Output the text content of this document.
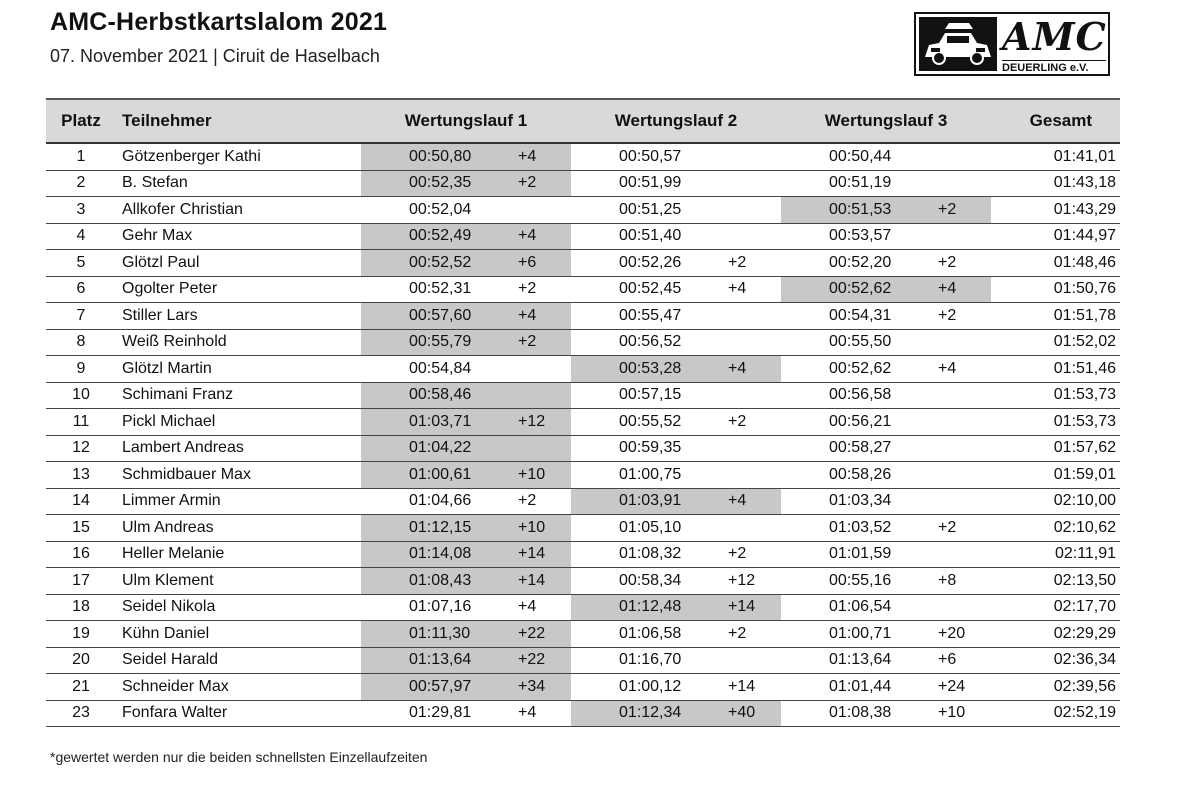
AMC-Herbstkartslalom 2021
07. November 2021 | Ciruit de Haselbach	AMC
DEUERLING e.V.
Platz	Teilnehmer	Wertungslauf 1		Wertungslauf 2		Wertungslauf 3		Gesamt
1	Götzenberger Kathi	00:50,80	+4	00:50,57		00:50,44		01:41,01
2	B. Stefan	00:52,35	+2	00:51,99		00:51,19		01:43,18
3	Allkofer Christian	00:52,04		00:51,25		00:51,53	+2	01:43,29
4	Gehr Max	00:52,49	+4	00:51,40		00:53,57		01:44,97
5	Glötzl Paul	00:52,52	+6	00:52,26	+2	00:52,20	+2	01:48,46
6	Ogolter Peter	00:52,31	+2	00:52,45	+4	00:52,62	+4	01:50,76
7	Stiller Lars	00:57,60	+4	00:55,47		00:54,31	+2	01:51,78
8	Weiß Reinhold	00:55,79	+2	00:56,52		00:55,50		01:52,02
9	Glötzl Martin	00:54,84		00:53,28	+4	00:52,62	+4	01:51,46
10	Schimani Franz	00:58,46		00:57,15		00:56,58		01:53,73
11	Pickl Michael	01:03,71	+12	00:55,52	+2	00:56,21		01:53,73
12	Lambert Andreas	01:04,22		00:59,35		00:58,27		01:57,62
13	Schmidbauer Max	01:00,61	+10	01:00,75		00:58,26		01:59,01
14	Limmer Armin	01:04,66	+2	01:03,91	+4	01:03,34		02:10,00
15	Ulm Andreas	01:12,15	+10	01:05,10		01:03,52	+2	02:10,62
16	Heller Melanie	01:14,08	+14	01:08,32	+2	01:01,59		02:11,91
17	Ulm Klement	01:08,43	+14	00:58,34	+12	00:55,16	+8	02:13,50
18	Seidel Nikola	01:07,16	+4	01:12,48	+14	01:06,54		02:17,70
19	Kühn Daniel	01:11,30	+22	01:06,58	+2	01:00,71	+20	02:29,29
20	Seidel Harald	01:13,64	+22	01:16,70		01:13,64	+6	02:36,34
21	Schneider Max	00:57,97	+34	01:00,12	+14	01:01,44	+24	02:39,56
23	Fonfara Walter	01:29,81	+4	01:12,34	+40	01:08,38	+10	02:52,19
*gewertet werden nur die beiden schnellsten Einzellaufzeiten
